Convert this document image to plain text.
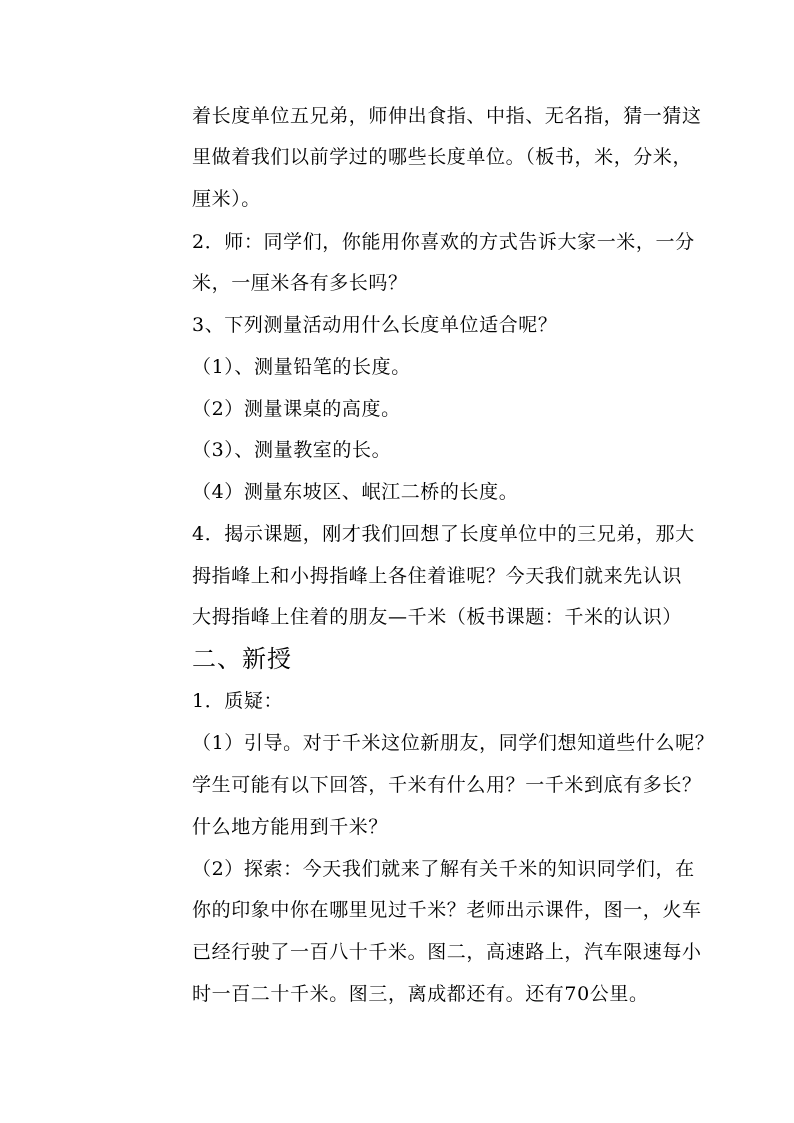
着长度单位五兄弟，师伸出食指、中指、无名指，猜一猜这
里做着我们以前学过的哪些长度单位。（板书，米，分米，
厘米）。
2．师：同学们，你能用你喜欢的方式告诉大家一米，一分
米，一厘米各有多长吗？
3、下列测量活动用什么长度单位适合呢？
（1）、测量铅笔的长度。
（2）测量课桌的高度。
（3）、测量教室的长。
（4）测量东坡区、岷江二桥的长度。
4．揭示课题，刚才我们回想了长度单位中的三兄弟，那大
拇指峰上和小拇指峰上各住着谁呢？今天我们就来先认识
大拇指峰上住着的朋友—千米（板书课题：千米的认识）
二、新授
1．质疑：
（1）引导。对于千米这位新朋友，同学们想知道些什么呢？
学生可能有以下回答，千米有什么用？一千米到底有多长？
什么地方能用到千米？
（2）探索：今天我们就来了解有关千米的知识同学们，在
你的印象中你在哪里见过千米？老师出示课件，图一，火车
已经行驶了一百八十千米。图二，高速路上，汽车限速每小
时一百二十千米。图三，离成都还有。还有70公里。
